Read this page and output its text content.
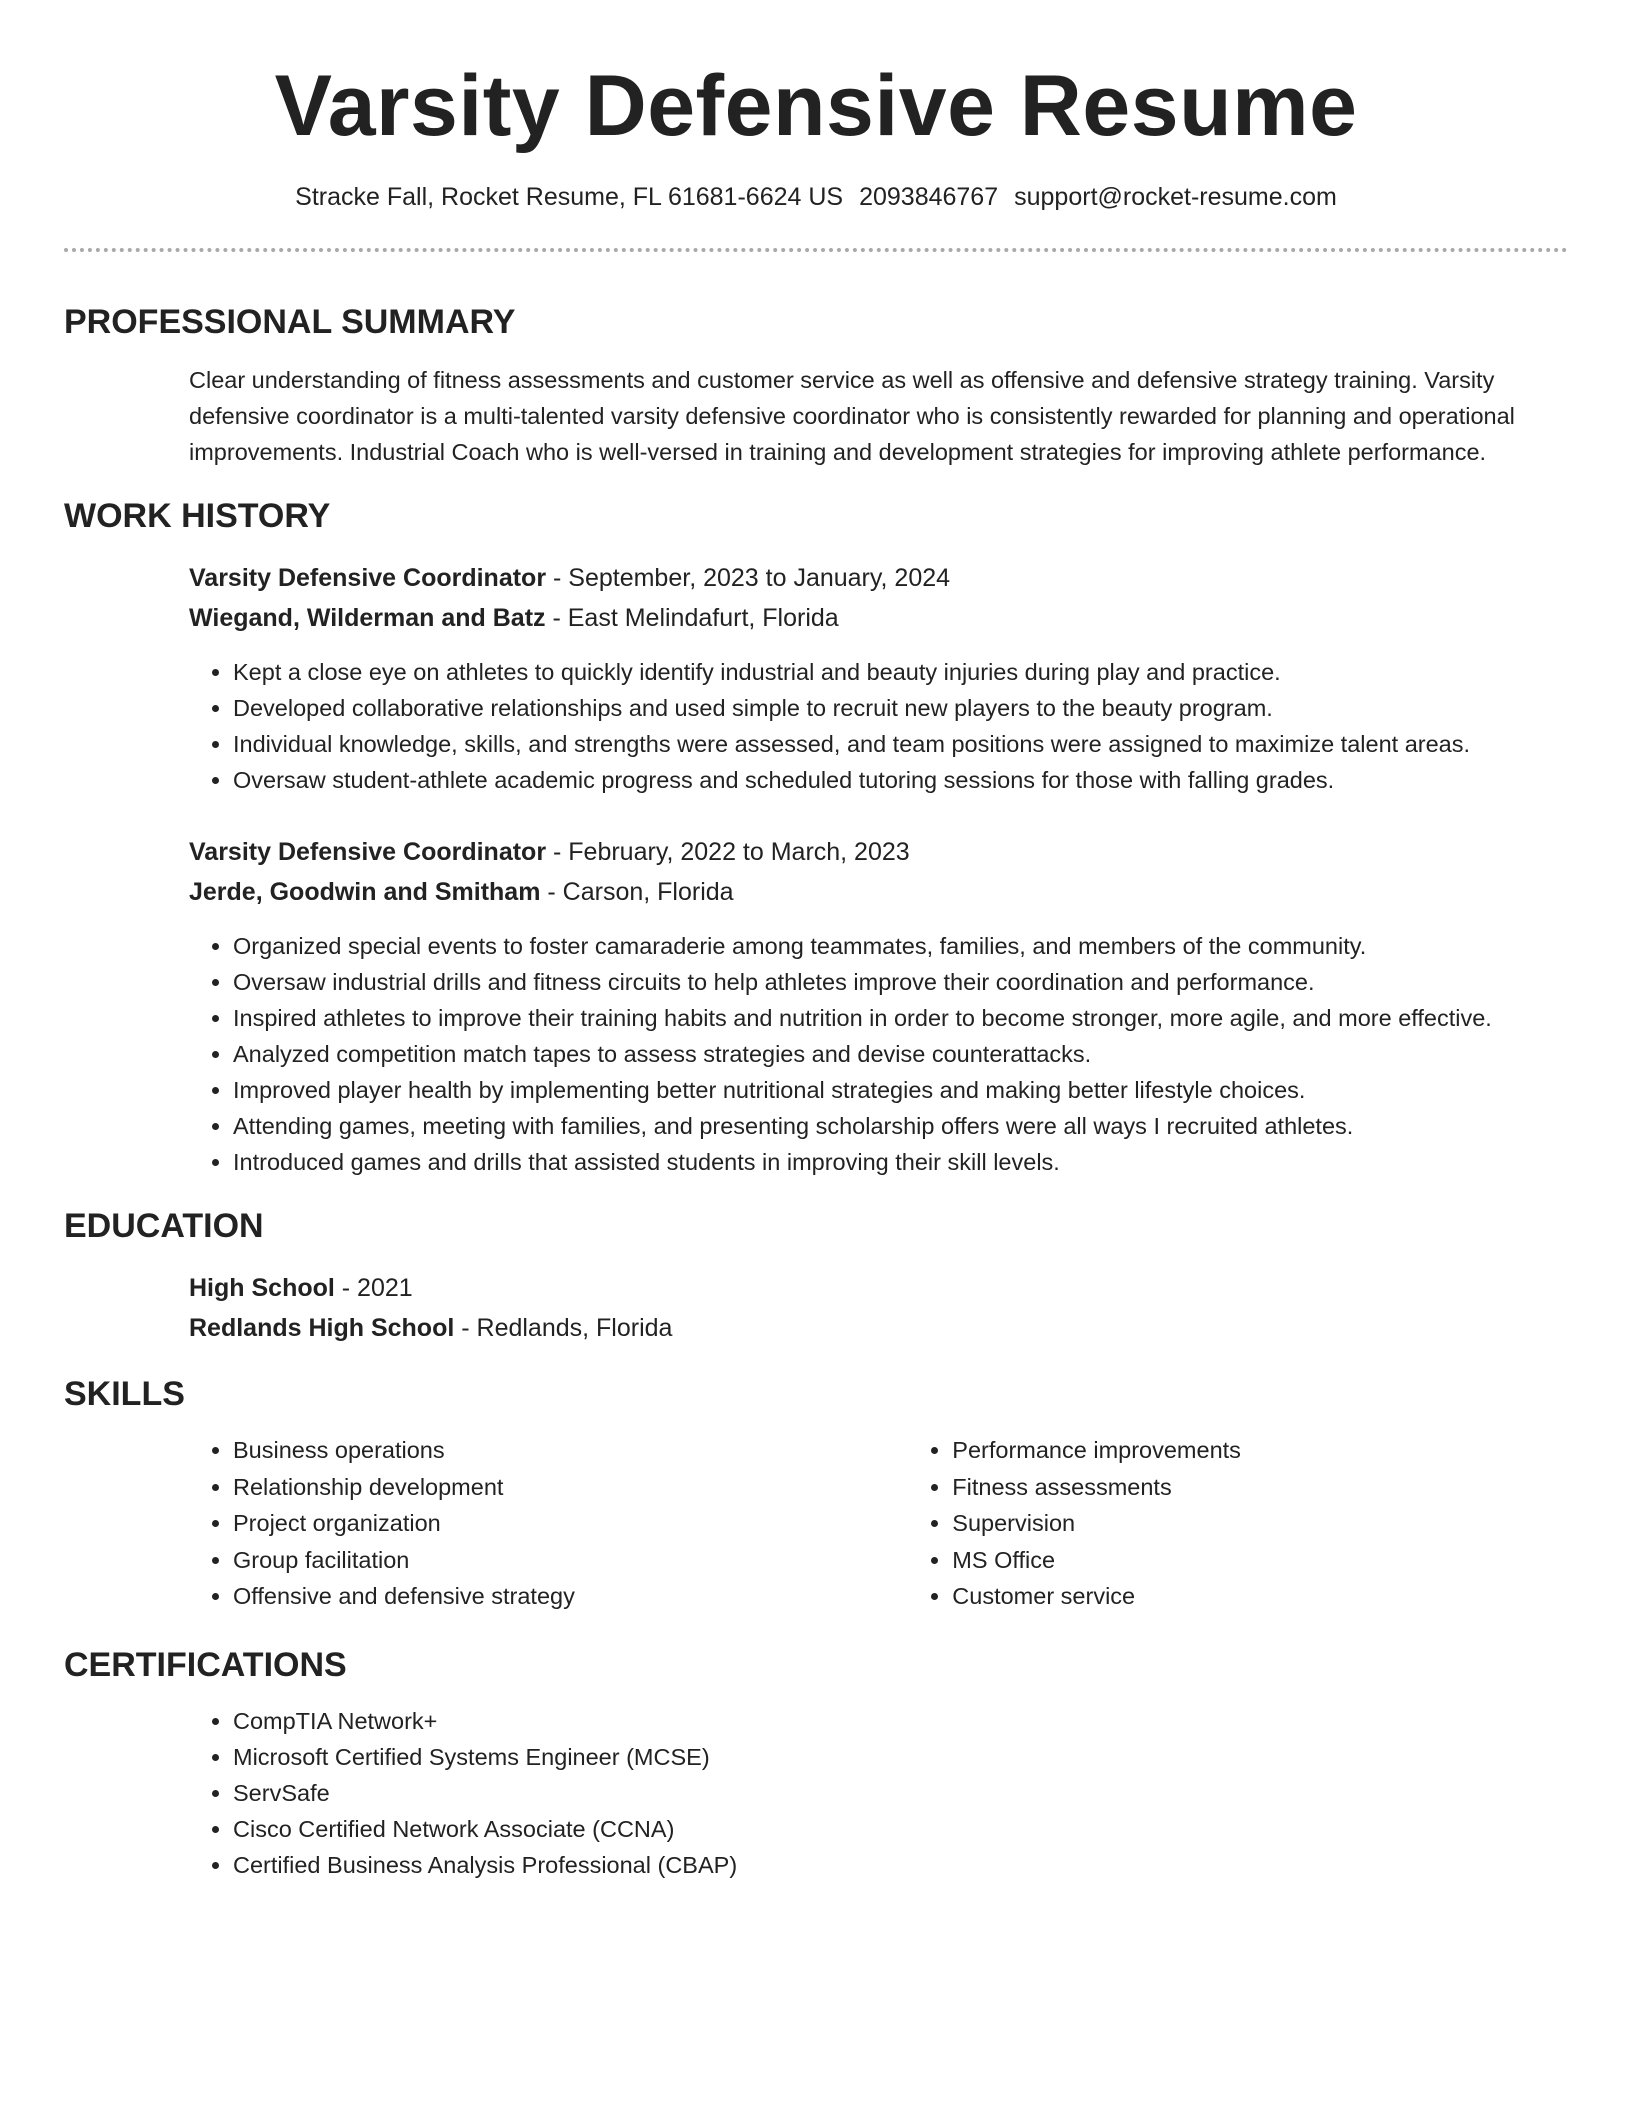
Varsity Defensive Resume
Stracke Fall, Rocket Resume, FL 61681-6624 US 2093846767 support@rocket-resume.com
PROFESSIONAL SUMMARY
Clear understanding of fitness assessments and customer service as well as offensive and defensive strategy training. Varsity defensive coordinator is a multi-talented varsity defensive coordinator who is consistently rewarded for planning and operational improvements. Industrial Coach who is well-versed in training and development strategies for improving athlete performance.
WORK HISTORY
Varsity Defensive Coordinator - September, 2023 to January, 2024
Wiegand, Wilderman and Batz - East Melindafurt, Florida
• Kept a close eye on athletes to quickly identify industrial and beauty injuries during play and practice.
• Developed collaborative relationships and used simple to recruit new players to the beauty program.
• Individual knowledge, skills, and strengths were assessed, and team positions were assigned to maximize talent areas.
• Oversaw student-athlete academic progress and scheduled tutoring sessions for those with falling grades.
Varsity Defensive Coordinator - February, 2022 to March, 2023
Jerde, Goodwin and Smitham - Carson, Florida
• Organized special events to foster camaraderie among teammates, families, and members of the community.
• Oversaw industrial drills and fitness circuits to help athletes improve their coordination and performance.
• Inspired athletes to improve their training habits and nutrition in order to become stronger, more agile, and more effective.
• Analyzed competition match tapes to assess strategies and devise counterattacks.
• Improved player health by implementing better nutritional strategies and making better lifestyle choices.
• Attending games, meeting with families, and presenting scholarship offers were all ways I recruited athletes.
• Introduced games and drills that assisted students in improving their skill levels.
EDUCATION
High School - 2021
Redlands High School - Redlands, Florida
SKILLS
• Business operations
• Relationship development
• Project organization
• Group facilitation
• Offensive and defensive strategy
• Performance improvements
• Fitness assessments
• Supervision
• MS Office
• Customer service
CERTIFICATIONS
• CompTIA Network+
• Microsoft Certified Systems Engineer (MCSE)
• ServSafe
• Cisco Certified Network Associate (CCNA)
• Certified Business Analysis Professional (CBAP)
